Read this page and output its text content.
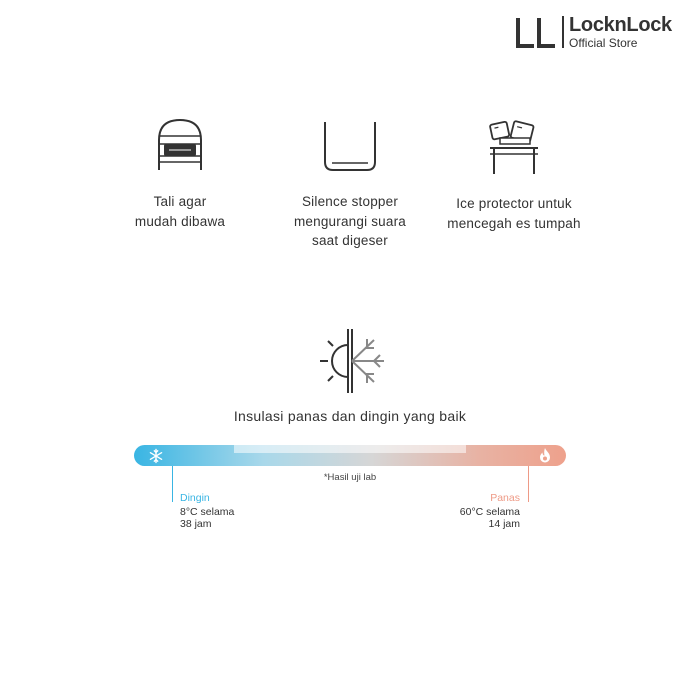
LocknLock
Official Store
Tali agar
mudah dibawa
Silence stopper
mengurangi suara
saat digeser
Ice protector untuk
mencegah es tumpah
Insulasi panas dan dingin yang baik
*Hasil uji lab
Dingin
8°C selama
38 jam
Panas
60°C selama
14 jam
